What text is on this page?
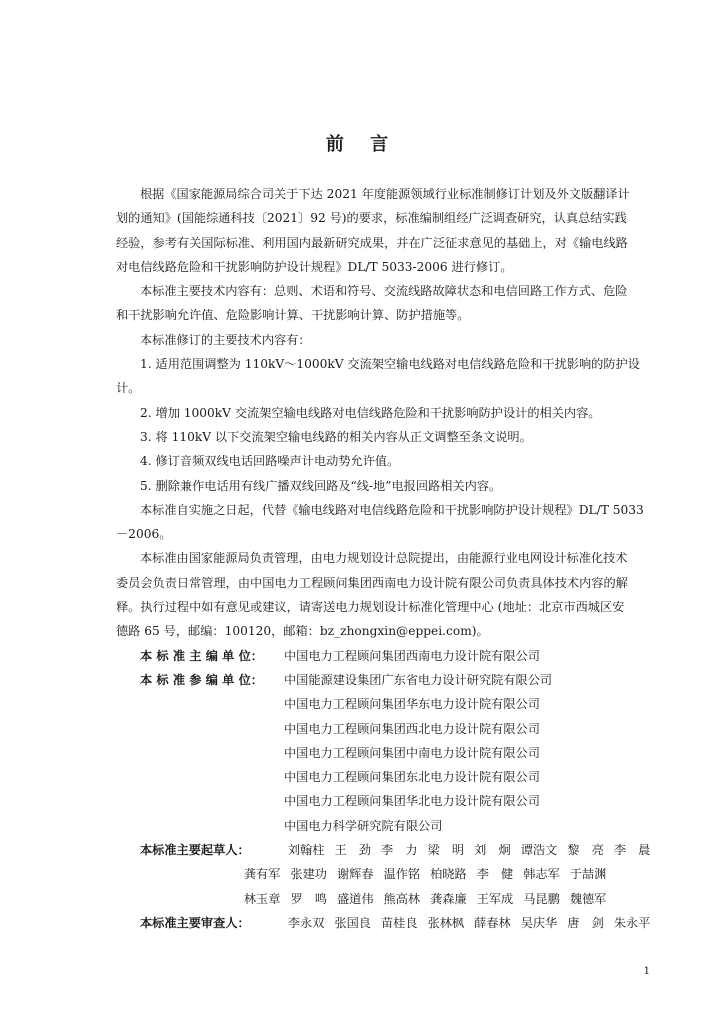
前 言

根据《国家能源局综合司关于下达 2021 年度能源领域行业标准制修订计划及外文版翻译计
划的通知》(国能综通科技〔2021〕92 号)的要求，标准编制组经广泛调查研究，认真总结实践
经验，参考有关国际标准、利用国内最新研究成果，并在广泛征求意见的基础上，对《输电线路
对电信线路危险和干扰影响防护设计规程》DL/T 5033-2006 进行修订。

本标准主要技术内容有：总则、术语和符号、交流线路故障状态和电信回路工作方式、危险
和干扰影响允许值、危险影响计算、干扰影响计算、防护措施等。

本标准修订的主要技术内容有：

1. 适用范围调整为 110kV～1000kV 交流架空输电线路对电信线路危险和干扰影响的防护设
计。

2. 增加 1000kV 交流架空输电线路对电信线路危险和干扰影响防护设计的相关内容。

3. 将 110kV 以下交流架空输电线路的相关内容从正文调整至条文说明。

4. 修订音频双线电话回路噪声计电动势允许值。

5. 删除兼作电话用有线广播双线回路及“线-地”电报回路相关内容。

本标准自实施之日起，代替《输电线路对电信线路危险和干扰影响防护设计规程》DL/T 5033
－2006。

本标准由国家能源局负责管理，由电力规划设计总院提出，由能源行业电网设计标准化技术
委员会负责日常管理，由中国电力工程顾问集团西南电力设计院有限公司负责具体技术内容的解
释。执行过程中如有意见或建议，请寄送电力规划设计标准化管理中心 (地址：北京市西城区安
德路 65 号，邮编：100120，邮箱：bz_zhongxin@eppei.com)。

本 标 准 主 编 单 位： 中国电力工程顾问集团西南电力设计院有限公司

本 标 准 参 编 单 位： 中国能源建设集团广东省电力设计研究院有限公司

中国电力工程顾问集团华东电力设计院有限公司

中国电力工程顾问集团西北电力设计院有限公司

中国电力工程顾问集团中南电力设计院有限公司

中国电力工程顾问集团东北电力设计院有限公司

中国电力工程顾问集团华北电力设计院有限公司

中国电力科学研究院有限公司

本标准主要起草人：	刘翰柱 王　劲 李　力 梁　明 刘　炯 谭浩文 黎　亮 李　晨

龚有军 张建功 谢辉春 温作铭 柏晓路 李　健 韩志军 于喆渊

林玉章 罗　鸣 盛道伟 熊高林 龚森廉 王军成 马昆鹏 魏德军

本标准主要审查人：	李永双 张国良 苗桂良 张林枫 薛春林 吴庆华 唐　剑 朱永平

1
